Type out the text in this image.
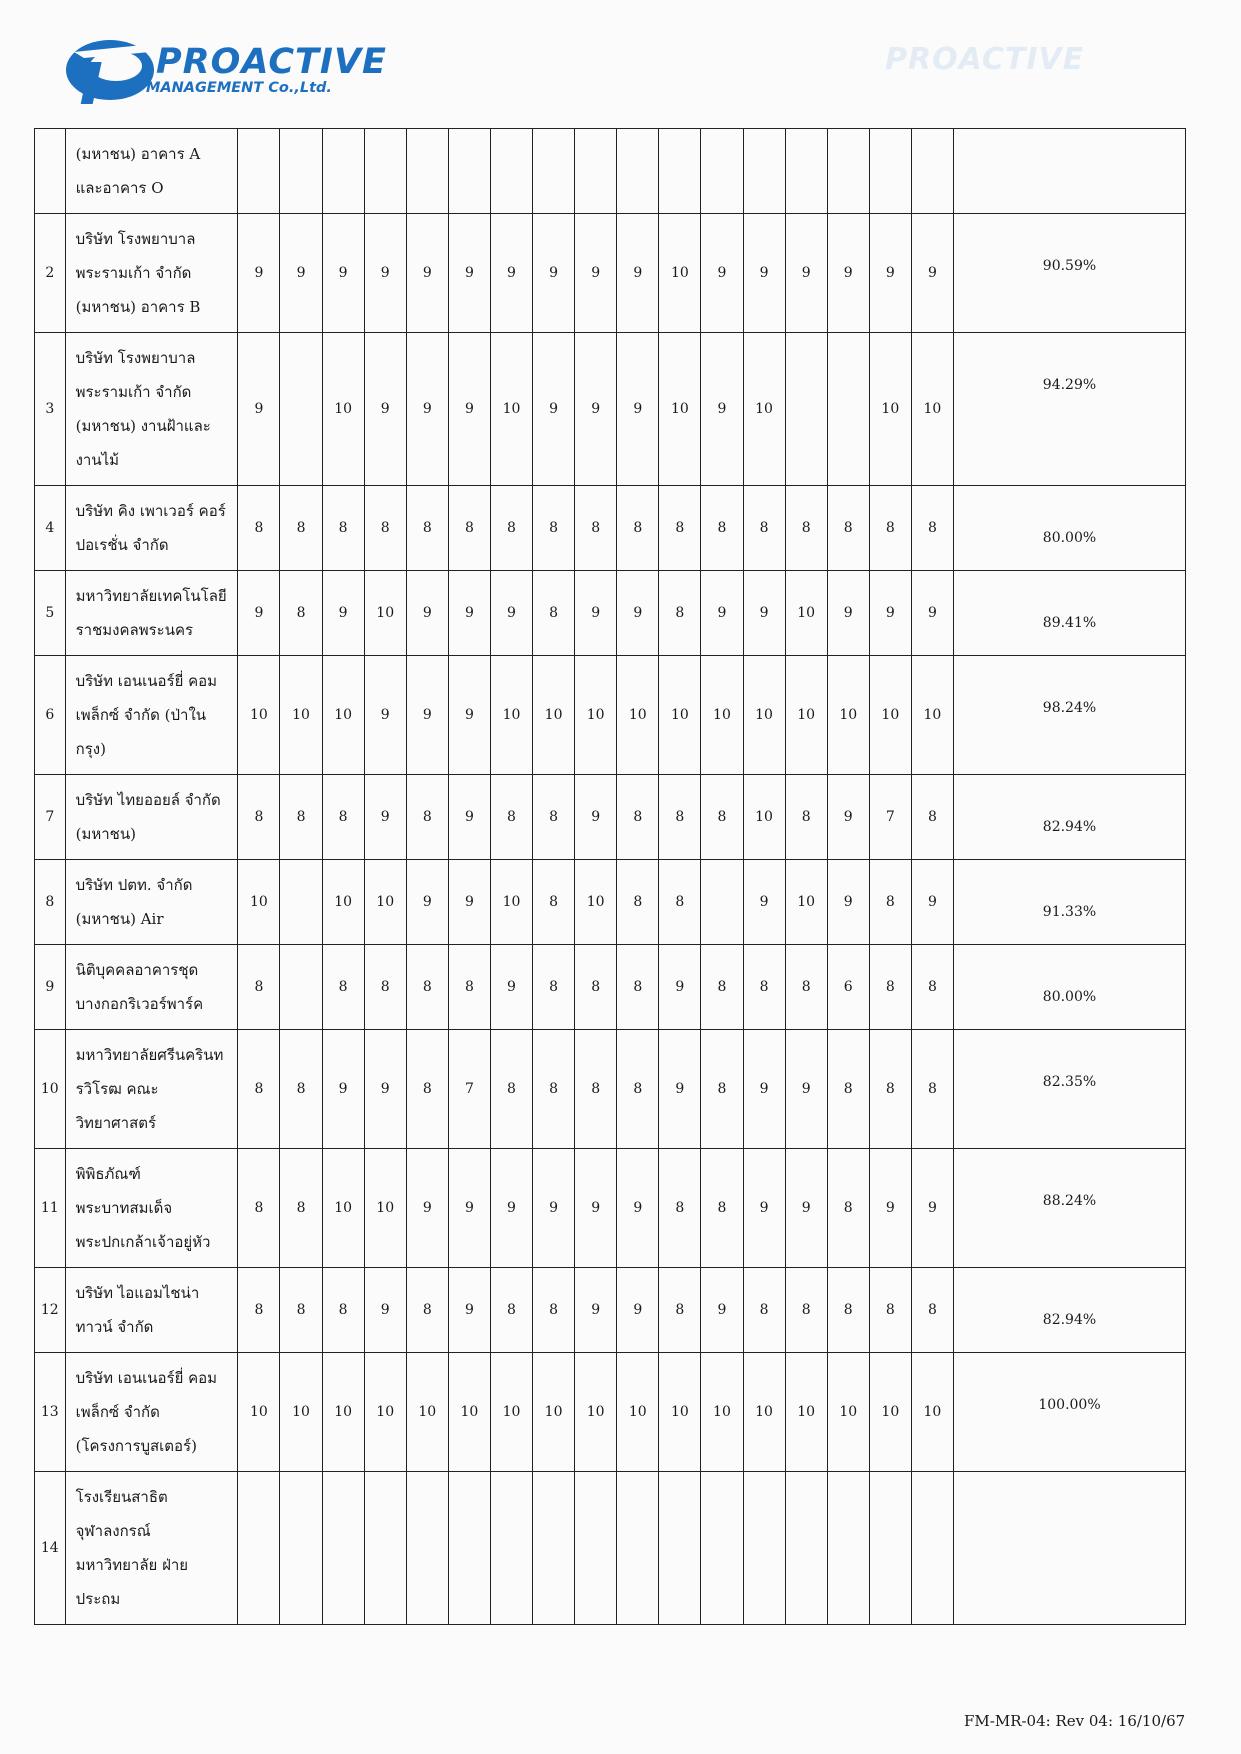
PROACTIVE
MANAGEMENT Co.,Ltd.
PROACTIVE

	(มหาชน) อาคาร A
และอาคาร O																		

2	บริษัท โรงพยาบาล
พระรามเก้า จำกัด
(มหาชน) อาคาร B	9	9	9	9	9	9	9	9	9	9	10	9	9	9	9	9	9	90.59%
3	บริษัท โรงพยาบาล
พระรามเก้า จำกัด
(มหาชน) งานฝ้าและ
งานไม้	9		10	9	9	9	10	9	9	9	10	9	10			10	10	94.29%
4	บริษัท คิง เพาเวอร์ คอร์
ปอเรชั่น จำกัด	8	8	8	8	8	8	8	8	8	8	8	8	8	8	8	8	8	80.00%
5	มหาวิทยาลัยเทคโนโลยี
ราชมงคลพระนคร	9	8	9	10	9	9	9	8	9	9	8	9	9	10	9	9	9	89.41%
6	บริษัท เอนเนอร์ยี่ คอม
เพล็กซ์ จำกัด (ป่าใน
กรุง)	10	10	10	9	9	9	10	10	10	10	10	10	10	10	10	10	10	98.24%
7	บริษัท ไทยออยล์ จำกัด
(มหาชน)	8	8	8	9	8	9	8	8	9	8	8	8	10	8	9	7	8	82.94%
8	บริษัท ปตท. จำกัด
(มหาชน) Air	10		10	10	9	9	10	8	10	8	8		9	10	9	8	9	91.33%
9	นิติบุคคลอาคารชุด
บางกอกริเวอร์พาร์ค	8		8	8	8	8	9	8	8	8	9	8	8	8	6	8	8	80.00%
10	มหาวิทยาลัยศรีนครินท
รวิโรฒ คณะ
วิทยาศาสตร์	8	8	9	9	8	7	8	8	8	8	9	8	9	9	8	8	8	82.35%
11	พิพิธภัณฑ์
พระบาทสมเด็จ
พระปกเกล้าเจ้าอยู่หัว	8	8	10	10	9	9	9	9	9	9	8	8	9	9	8	9	9	88.24%
12	บริษัท ไอแอมไชน่า
ทาวน์ จำกัด	8	8	8	9	8	9	8	8	9	9	8	9	8	8	8	8	8	82.94%
13	บริษัท เอนเนอร์ยี่ คอม
เพล็กซ์ จำกัด
(โครงการบูสเตอร์)	10	10	10	10	10	10	10	10	10	10	10	10	10	10	10	10	10	100.00%
14	โรงเรียนสาธิต
จุฬาลงกรณ์
มหาวิทยาลัย ฝ่าย
ประถม																		

FM-MR-04: Rev 04: 16/10/67
